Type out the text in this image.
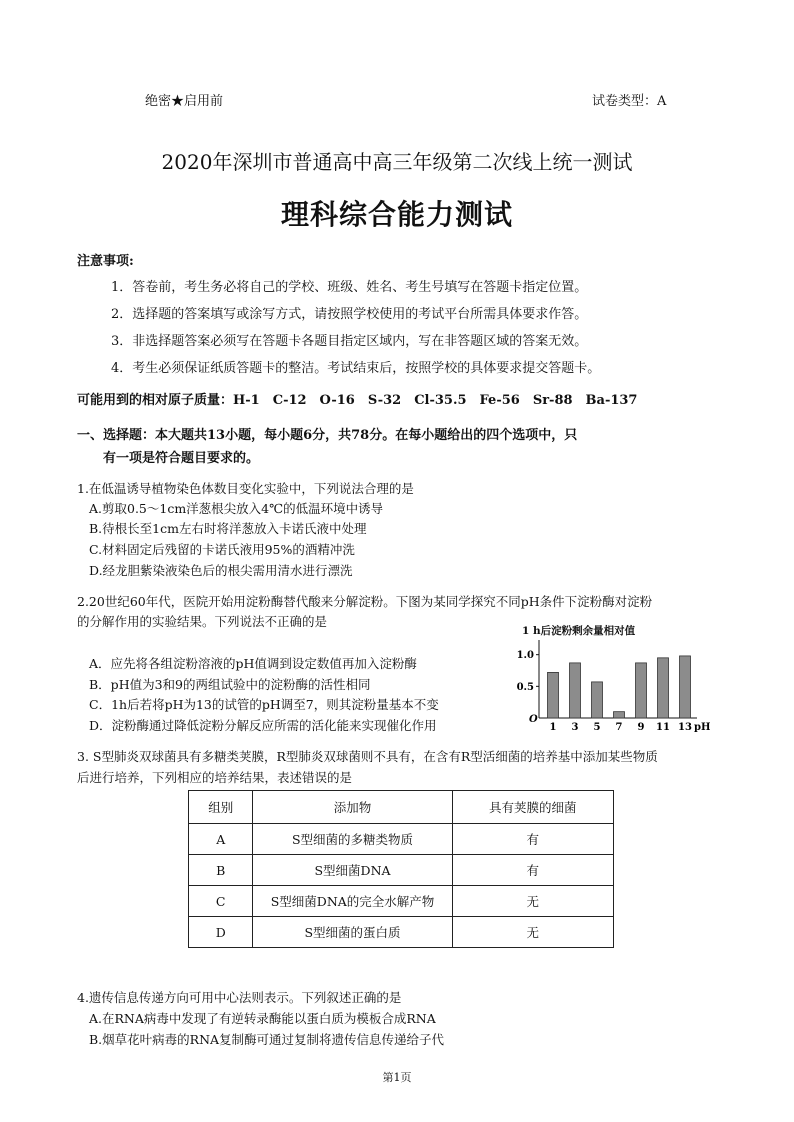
绝密★启用前	试卷类型：A
2020年深圳市普通高中高三年级第二次线上统一测试
理科综合能力测试
注意事项:
1．答卷前，考生务必将自己的学校、班级、姓名、考生号填写在答题卡指定位置。
2．选择题的答案填写或涂写方式，请按照学校使用的考试平台所需具体要求作答。
3．非选择题答案必须写在答题卡各题目指定区域内，写在非答题区域的答案无效。
4．考生必须保证纸质答题卡的整洁。考试结束后，按照学校的具体要求提交答题卡。
可能用到的相对原子质量：H-1　C-12　O-16　S-32　Cl-35.5　Fe-56　Sr-88　Ba-137
一、选择题：本大题共13小题，每小题6分，共78分。在每小题给出的四个选项中，只
有一项是符合题目要求的。
1.在低温诱导植物染色体数目变化实验中，下列说法合理的是
A.剪取0.5～1cm洋葱根尖放入4℃的低温环境中诱导
B.待根长至1cm左右时将洋葱放入卡诺氏液中处理
C.材料固定后残留的卡诺氏液用95%的酒精冲洗
D.经龙胆紫染液染色后的根尖需用清水进行漂洗
2.20世纪60年代，医院开始用淀粉酶替代酸来分解淀粉。下图为某同学探究不同pH条件下淀粉酶对淀粉
的分解作用的实验结果。下列说法不正确的是
A．应先将各组淀粉溶液的pH值调到设定数值再加入淀粉酶
B．pH值为3和9的两组试验中的淀粉酶的活性相同
C．1h后若将pH为13的试管的pH调至7，则其淀粉量基本不变
D．淀粉酶通过降低淀粉分解反应所需的活化能来实现催化作用
1 h后淀粉剩余量相对值
0.5
1.0
O
1 3 5 7 9 11 13 pH
3. S型肺炎双球菌具有多糖类荚膜，R型肺炎双球菌则不具有，在含有R型活细菌的培养基中添加某些物质
后进行培养，下列相应的培养结果，表述错误的是
组别	添加物	具有荚膜的细菌
A	S型细菌的多糖类物质	有
B	S型细菌DNA	有
C	S型细菌DNA的完全水解产物	无
D	S型细菌的蛋白质	无
4.遗传信息传递方向可用中心法则表示。下列叙述正确的是
A.在RNA病毒中发现了有逆转录酶能以蛋白质为模板合成RNA
B.烟草花叶病毒的RNA复制酶可通过复制将遗传信息传递给子代
第1页
